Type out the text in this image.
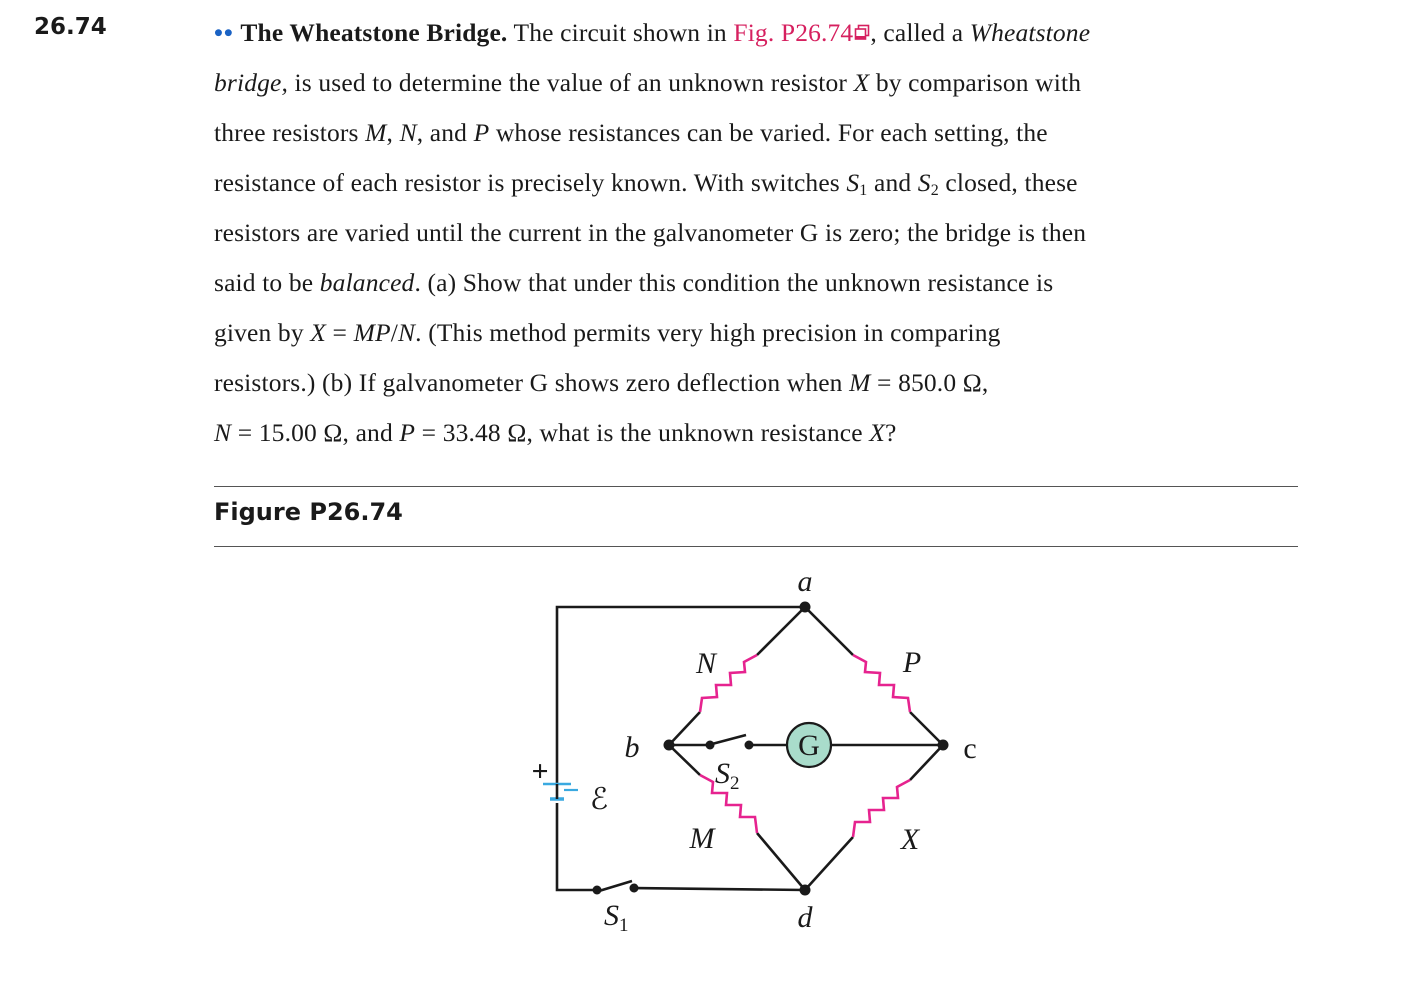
26.74	•• The Wheatstone Bridge. The circuit shown in Fig. P26.74 , called a Wheatstone
bridge, is used to determine the value of an unknown resistor X by comparison with
three resistors M, N, and P whose resistances can be varied. For each setting, the
resistance of each resistor is precisely known. With switches $S_1$ and $S_2$ closed, these
resistors are varied until the current in the galvanometer G is zero; the bridge is then
said to be balanced. (a) Show that under this condition the unknown resistance is
given by X = MP/N. (This method permits very high precision in comparing
resistors.) (b) If galvanometer G shows zero deflection when M = 850.0 Ω,
N = 15.00 Ω, and P = 33.48 Ω, what is the unknown resistance X?
Figure P26.74
G
a
b	c
d
N	P
M	X
$S_2$
$S_1$
ℰ
+
